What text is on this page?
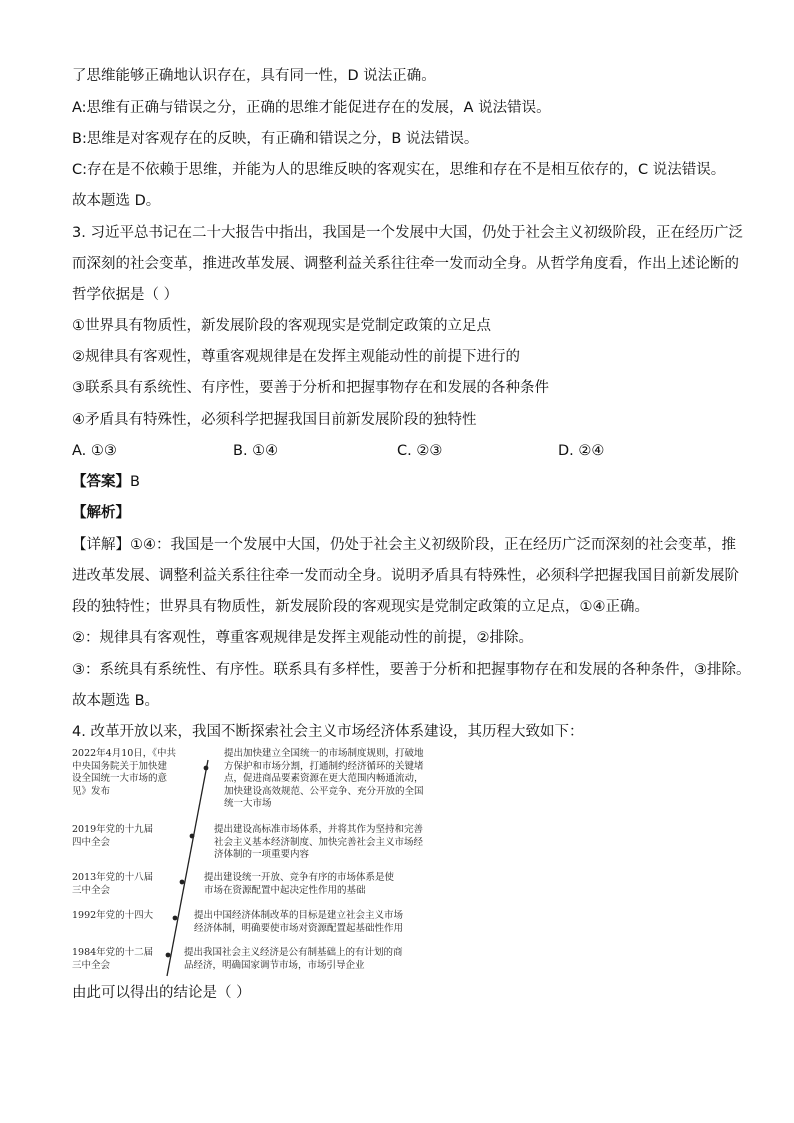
了思维能够正确地认识存在，具有同一性，D 说法正确。
A:思维有正确与错误之分，正确的思维才能促进存在的发展，A 说法错误。
B:思维是对客观存在的反映，有正确和错误之分，B 说法错误。
C:存在是不依赖于思维，并能为人的思维反映的客观实在，思维和存在不是相互依存的，C 说法错误。
故本题选 D。
3. 习近平总书记在二十大报告中指出，我国是一个发展中大国，仍处于社会主义初级阶段，正在经历广泛
而深刻的社会变革，推进改革发展、调整利益关系往往牵一发而动全身。从哲学角度看，作出上述论断的
哲学依据是（ ）
①世界具有物质性，新发展阶段的客观现实是党制定政策的立足点
②规律具有客观性，尊重客观规律是在发挥主观能动性的前提下进行的
③联系具有系统性、有序性，要善于分析和把握事物存在和发展的各种条件
④矛盾具有特殊性，必须科学把握我国目前新发展阶段的独特性
A. ①③	B. ①④	C. ②③	D. ②④
【答案】B
【解析】
【详解】①④：我国是一个发展中大国，仍处于社会主义初级阶段，正在经历广泛而深刻的社会变革，推
进改革发展、调整利益关系往往牵一发而动全身。说明矛盾具有特殊性，必须科学把握我国目前新发展阶
段的独特性；世界具有物质性，新发展阶段的客观现实是党制定政策的立足点，①④正确。
②：规律具有客观性，尊重客观规律是发挥主观能动性的前提，②排除。
③：系统具有系统性、有序性。联系具有多样性，要善于分析和把握事物存在和发展的各种条件，③排除。
故本题选 B。
4. 改革开放以来，我国不断探索社会主义市场经济体系建设，其历程大致如下：
2022年4月10日，《中共
中央国务院关于加快建
设全国统一大市场的意
见》发布
提出加快建立全国统一的市场制度规则，打破地
方保护和市场分割，打通制约经济循环的关键堵
点，促进商品要素资源在更大范围内畅通流动，
加快建设高效规范、公平竞争、充分开放的全国
统一大市场
2019年党的十九届
四中全会
提出建设高标准市场体系，并将其作为坚持和完善
社会主义基本经济制度、加快完善社会主义市场经
济体制的一项重要内容
2013年党的十八届
三中全会
提出建设统一开放、竞争有序的市场体系是使
市场在资源配置中起决定性作用的基础
1992年党的十四大	提出中国经济体制改革的目标是建立社会主义市场
经济体制，明确要使市场对资源配置起基础性作用
1984年党的十二届
三中全会
提出我国社会主义经济是公有制基础上的有计划的商
品经济，明确国家调节市场，市场引导企业
由此可以得出的结论是（ ）
